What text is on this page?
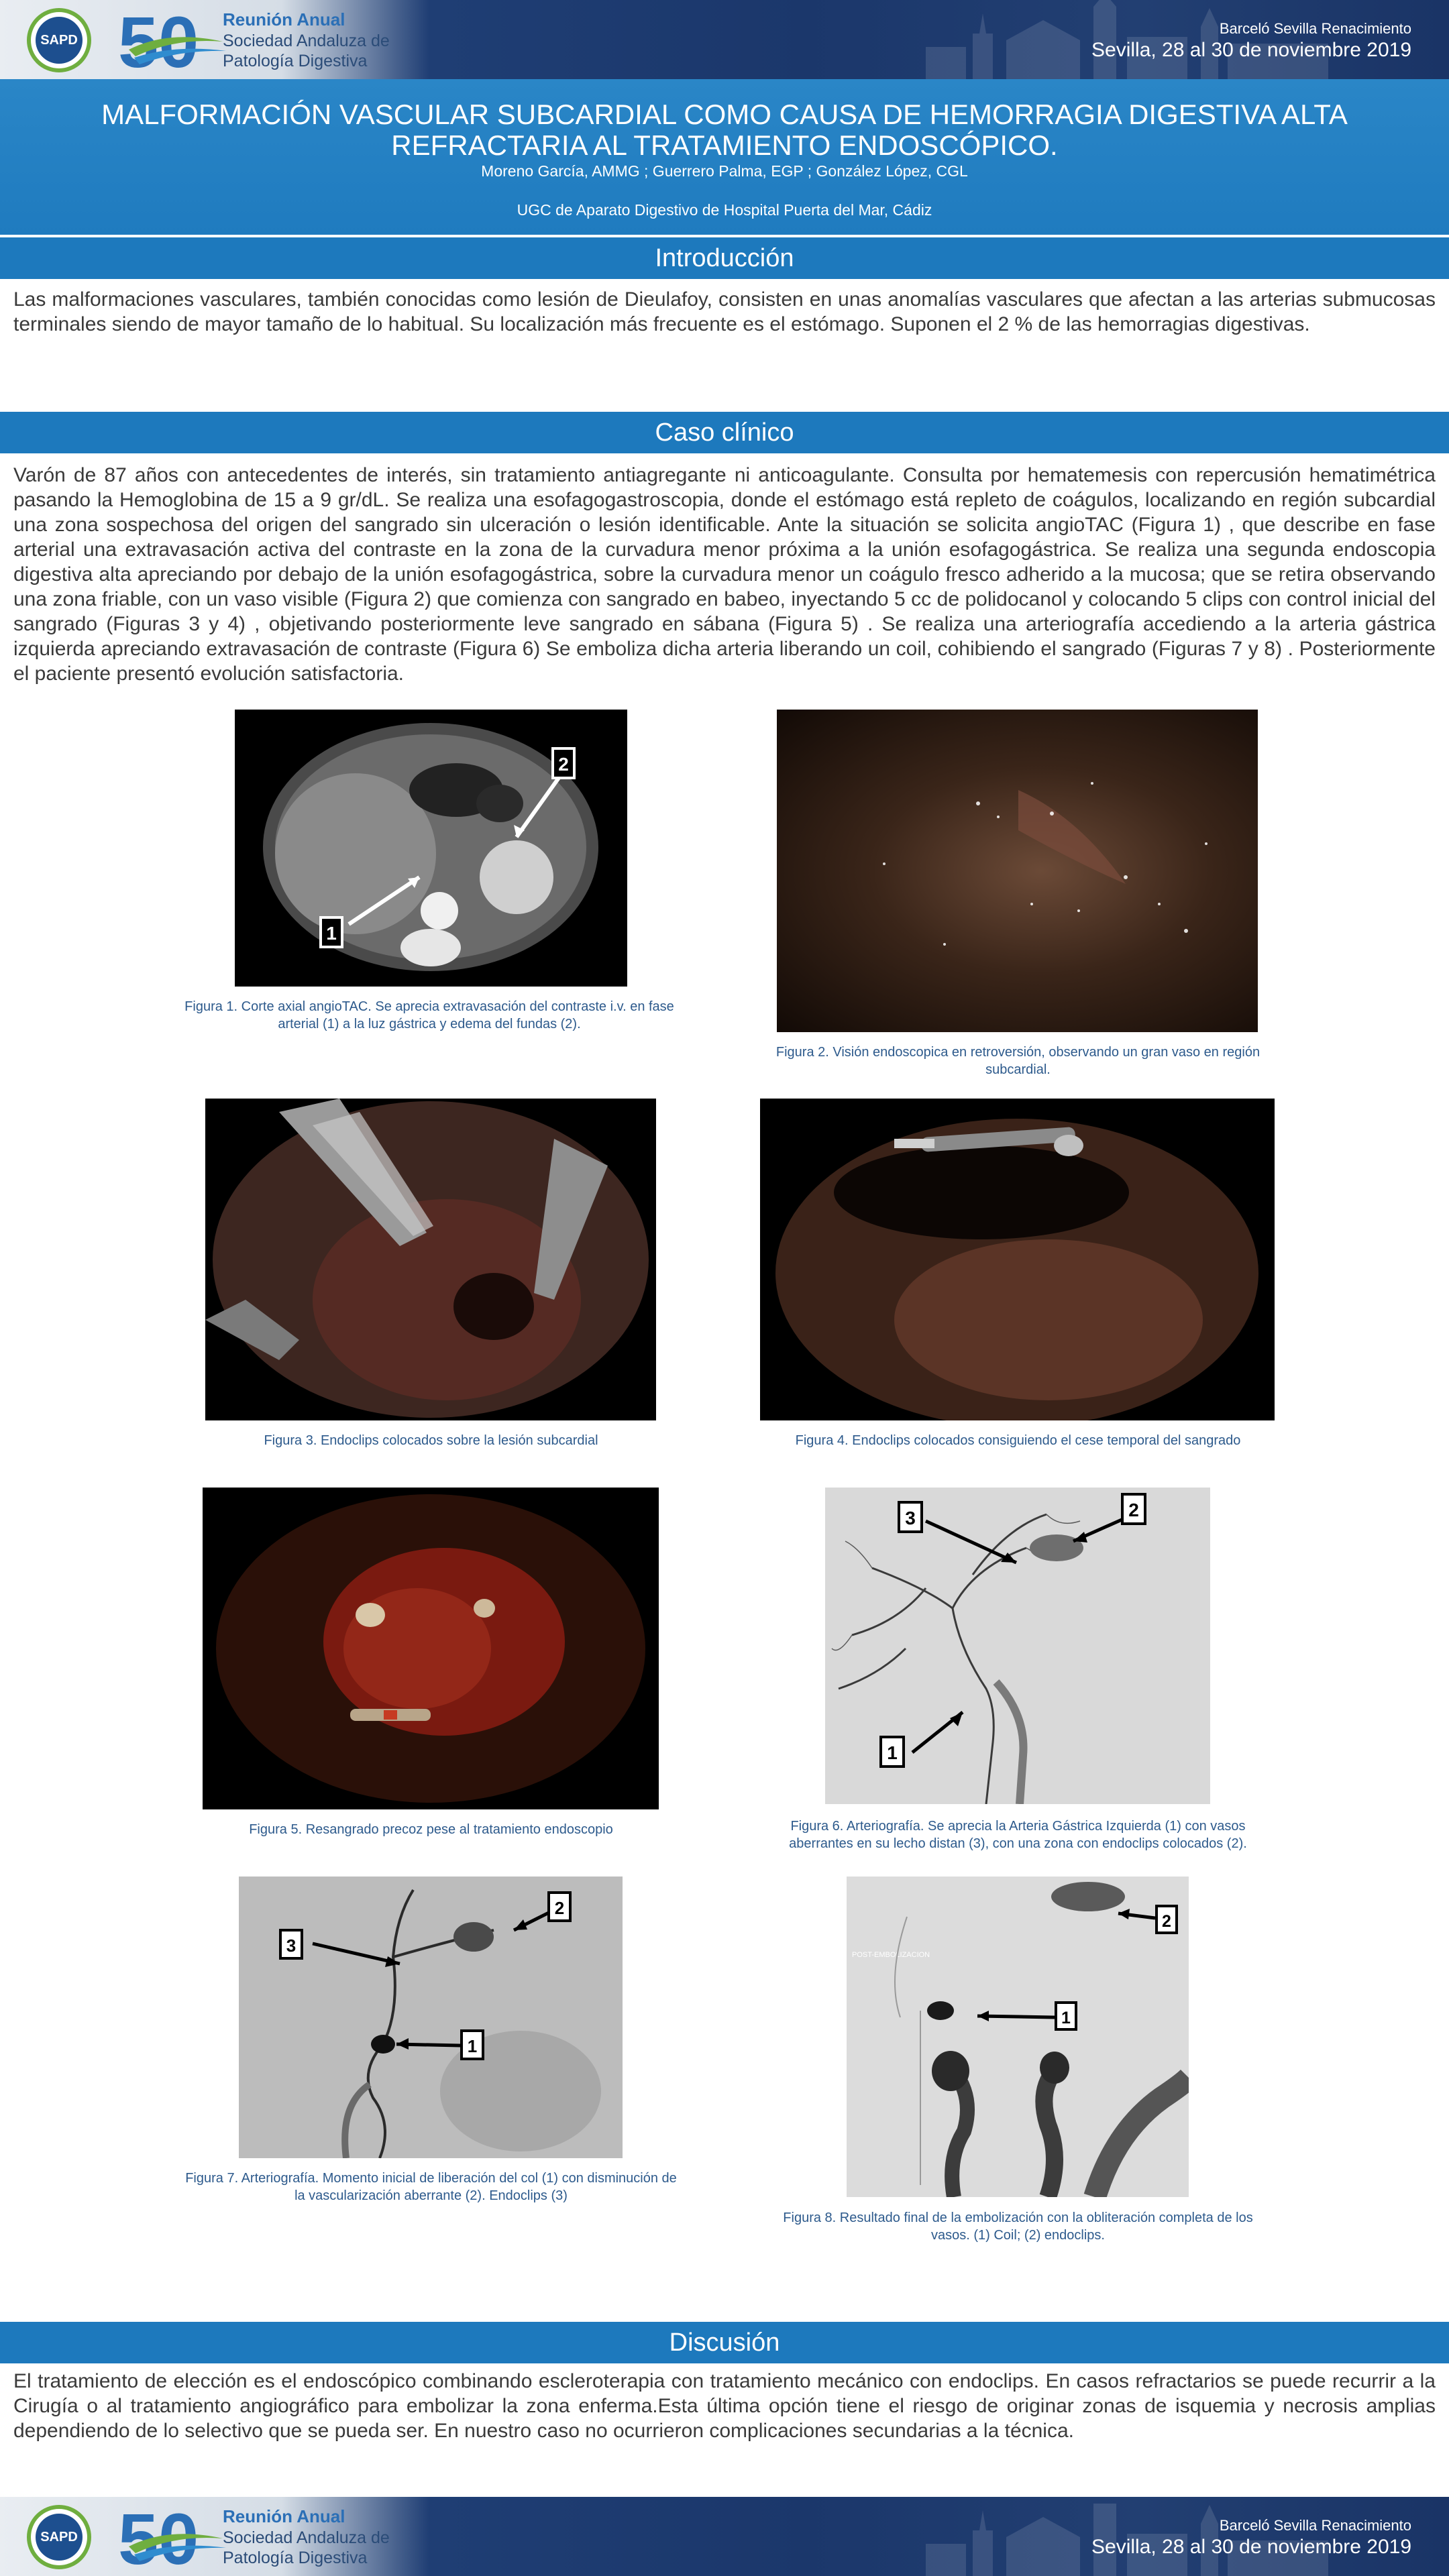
SAPD 50 Reunión Anual
Sociedad Andaluza de
Patología Digestiva
Barceló Sevilla Renacimiento
Sevilla, 28 al 30 de noviembre 2019
MALFORMACIÓN VASCULAR SUBCARDIAL COMO CAUSA DE HEMORRAGIA DIGESTIVA ALTA REFRACTARIA AL TRATAMIENTO ENDOSCÓPICO.
Moreno García, AMMG ; Guerrero Palma, EGP ; González López, CGL
UGC de Aparato Digestivo de Hospital Puerta del Mar, Cádiz
Introducción
Las malformaciones vasculares, también conocidas como lesión de Dieulafoy, consisten en unas anomalías vasculares que afectan a las arterias submucosas terminales siendo de mayor tamaño de lo habitual. Su localización más frecuente es el estómago. Suponen el 2 % de las hemorragias digestivas.
Caso clínico
Varón de 87 años con antecedentes de interés, sin tratamiento antiagregante ni anticoagulante. Consulta por hematemesis con repercusión hematimétrica pasando la Hemoglobina de 15 a 9 gr/dL. Se realiza una esofagogastroscopia, donde el estómago está repleto de coágulos, localizando en región subcardial una zona sospechosa del origen del sangrado sin ulceración o lesión identificable. Ante la situación se solicita angioTAC (Figura 1) , que describe en fase arterial una extravasación activa del contraste en la zona de la curvadura menor próxima a la unión esofagogástrica. Se realiza una segunda endoscopia digestiva alta apreciando por debajo de la unión esofagogástrica, sobre la curvadura menor un coágulo fresco adherido a la mucosa; que se retira observando una zona friable, con un vaso visible (Figura 2) que comienza con sangrado en babeo, inyectando 5 cc de polidocanol y colocando 5 clips con control inicial del sangrado (Figuras 3 y 4) , objetivando posteriormente leve sangrado en sábana (Figura 5) . Se realiza una arteriografía accediendo a la arteria gástrica izquierda apreciando extravasación de contraste (Figura 6) Se emboliza dicha arteria liberando un coil, cohibiendo el sangrado (Figuras 7 y 8) . Posteriormente el paciente presentó evolución satisfactoria.
1
2
Figura 1. Corte axial angioTAC. Se aprecia extravasación del contraste i.v. en fase arterial (1) a la luz gástrica y edema del fundas (2).
Figura 2. Visión endoscopica en retroversión, observando un gran vaso en región subcardial.
Figura 3. Endoclips colocados sobre la lesión subcardial	Figura 4. Endoclips colocados consiguiendo el cese temporal del sangrado
Figura 5. Resangrado precoz pese al tratamiento endoscopio
3	2
1
Figura 6. Arteriografía. Se aprecia la Arteria Gástrica Izquierda (1) con vasos aberrantes en su lecho distan (3), con una zona con endoclips colocados (2).
3
2
1
Figura 7. Arteriografía. Momento inicial de liberación del col (1) con disminución de la vascularización aberrante (2). Endoclips (3)
POST-EMBOLIZACION
1
2
Figura 8. Resultado final de la embolización con la obliteración completa de los vasos. (1) Coil; (2) endoclips.
Discusión
El tratamiento de elección es el endoscópico combinando escleroterapia con tratamiento mecánico con endoclips. En casos refractarios se puede recurrir a la Cirugía o al tratamiento angiográfico para embolizar la zona enferma.Esta última opción tiene el riesgo de originar zonas de isquemia y necrosis amplias dependiendo de lo selectivo que se pueda ser. En nuestro caso no ocurrieron complicaciones secundarias a la técnica.

SAPD 50 Reunión Anual
Sociedad Andaluza de
Patología Digestiva
Barceló Sevilla Renacimiento
Sevilla, 28 al 30 de noviembre 2019
